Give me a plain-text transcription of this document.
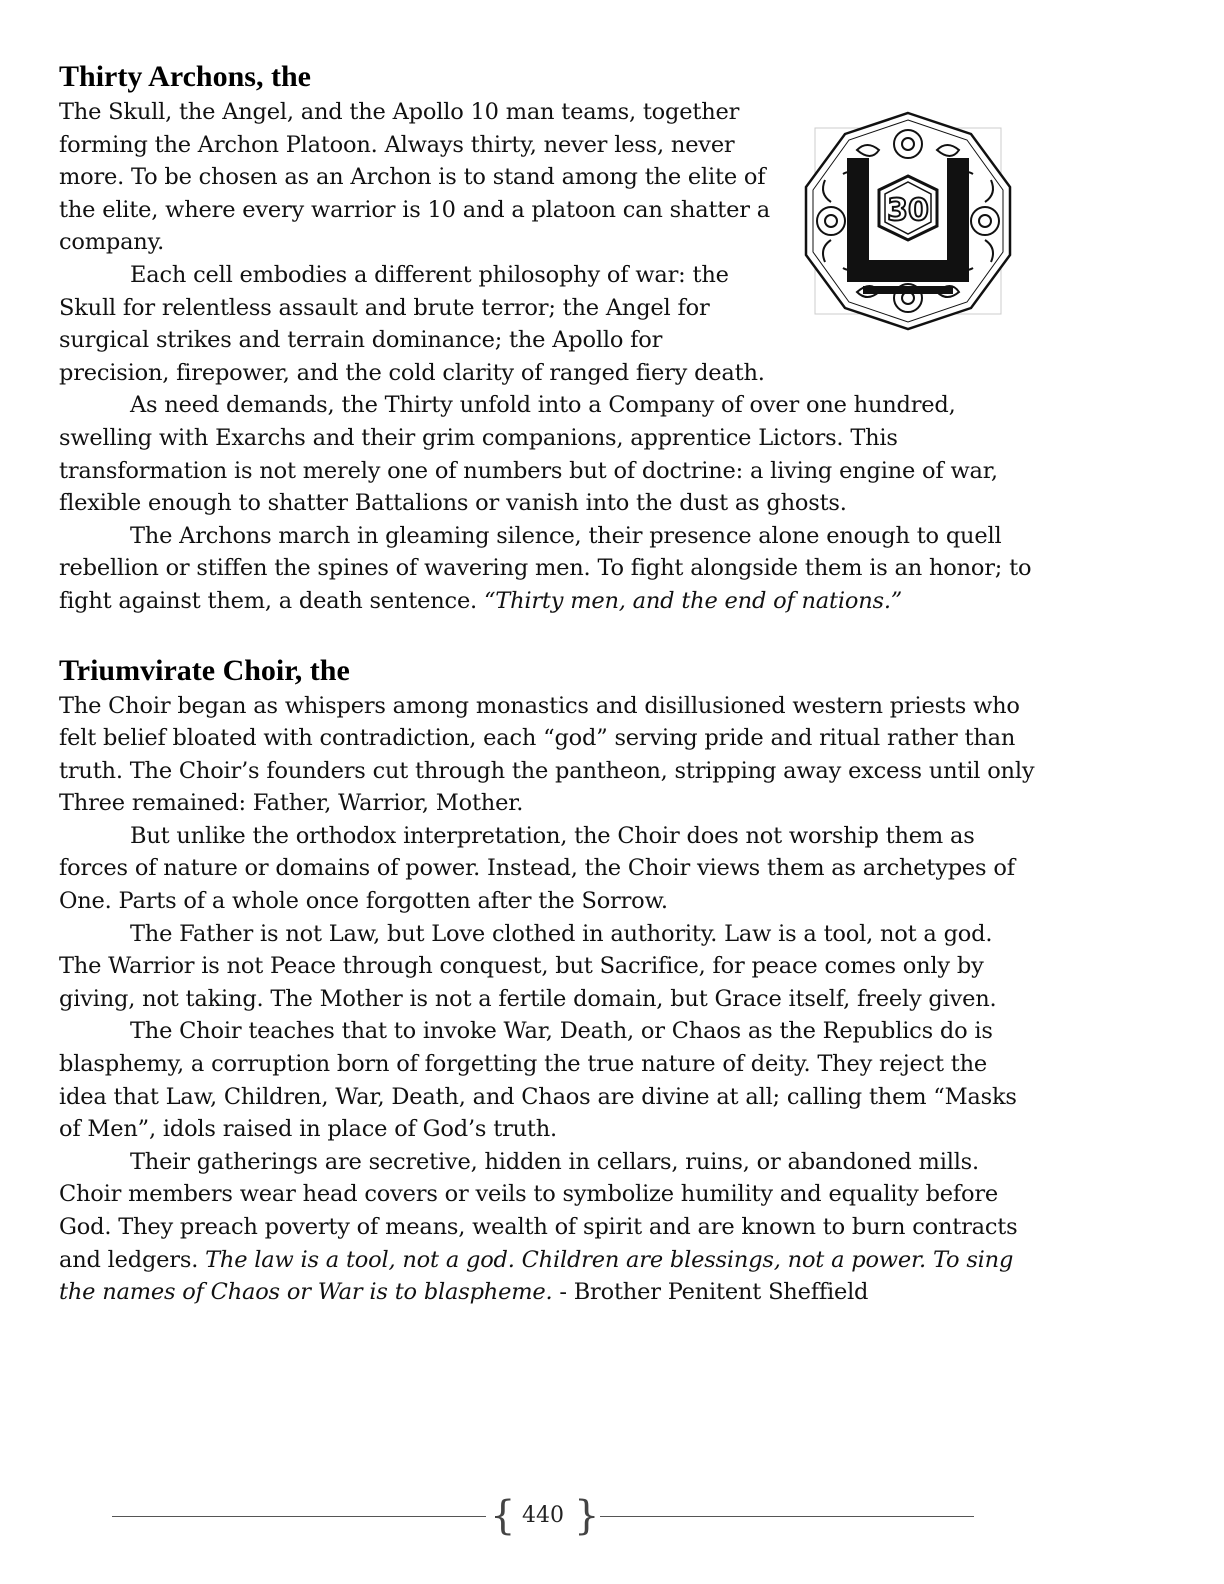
Thirty Archons, the
30

The Skull, the Angel, and the Apollo 10 man teams, together forming the Archon Platoon. Always thirty, never less, never more. To be chosen as an Archon is to stand among the elite of the elite, where every warrior is 10 and a platoon can shatter a company.

Each cell embodies a different philosophy of war: the Skull for relentless assault and brute terror; the Angel for surgical strikes and terrain dominance; the Apollo for precision, firepower, and the cold clarity of ranged fiery death.

As need demands, the Thirty unfold into a Company of over one hundred, swelling with Exarchs and their grim companions, apprentice Lictors. This transformation is not merely one of numbers but of doctrine: a living engine of war, flexible enough to shatter Battalions or vanish into the dust as ghosts.

The Archons march in gleaming silence, their presence alone enough to quell rebellion or stiffen the spines of wavering men. To fight alongside them is an honor; to fight against them, a death sentence. “Thirty men, and the end of nations.”

Triumvirate Choir, the

The Choir began as whispers among monastics and disillusioned western priests who felt belief bloated with contradiction, each “god” serving pride and ritual rather than truth. The Choir’s founders cut through the pantheon, stripping away excess until only Three remained: Father, Warrior, Mother.

But unlike the orthodox interpretation, the Choir does not worship them as forces of nature or domains of power. Instead, the Choir views them as archetypes of One. Parts of a whole once forgotten after the Sorrow.

The Father is not Law, but Love clothed in authority. Law is a tool, not a god. The Warrior is not Peace through conquest, but Sacrifice, for peace comes only by giving, not taking. The Mother is not a fertile domain, but Grace itself, freely given.

The Choir teaches that to invoke War, Death, or Chaos as the Republics do is blasphemy, a corruption born of forgetting the true nature of deity. They reject the idea that Law, Children, War, Death, and Chaos are divine at all; calling them “Masks of Men”, idols raised in place of God’s truth.

Their gatherings are secretive, hidden in cellars, ruins, or abandoned mills. Choir members wear head covers or veils to symbolize humility and equality before God. They preach poverty of means, wealth of spirit and are known to burn contracts and ledgers. The law is a tool, not a god. Children are blessings, not a power. To sing the names of Chaos or War is to blaspheme. - Brother Penitent Sheffield

{ 440 }
